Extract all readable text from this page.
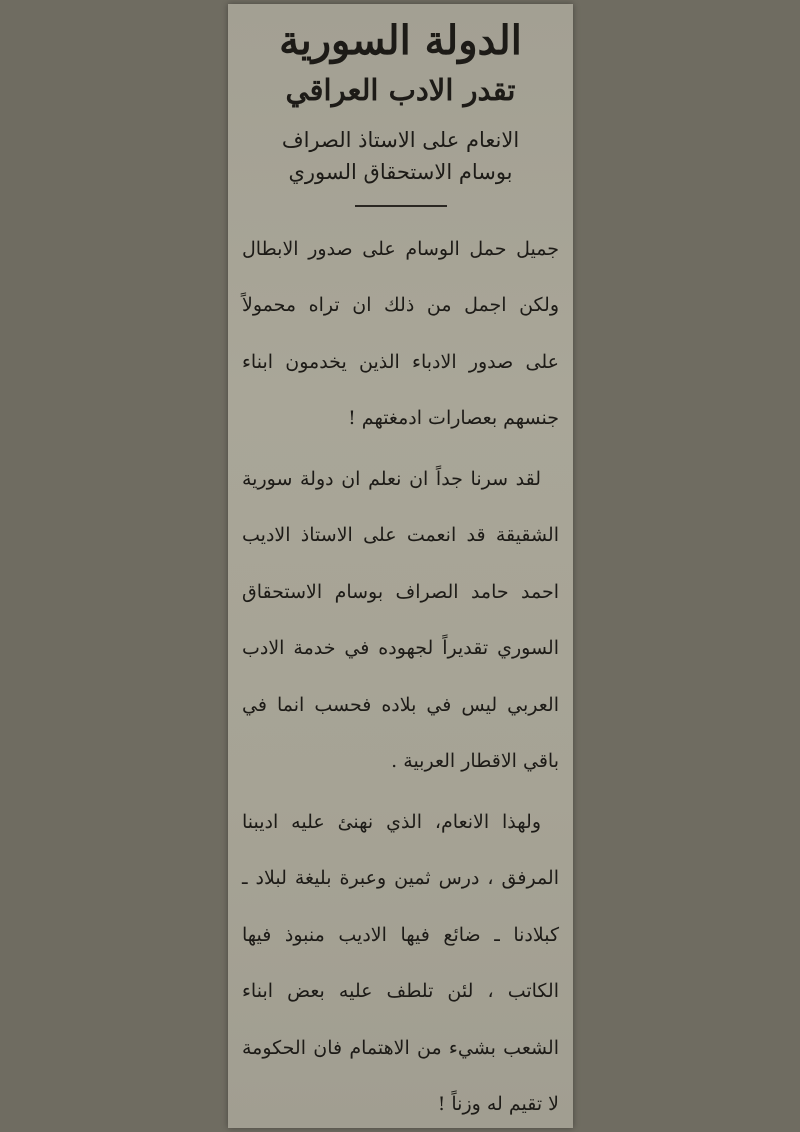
الدولة السورية
تقدر الادب العراقي

الانعام على الاستاذ الصراف

بوسام الاستحقاق السوري

جميل حمل الوسام على صدور الابطال ولكن اجمل من ذلك ان تراه محمولاً على صدور الادباء الذين يخدمون ابناء جنسهم بعصارات ادمغتهم !

لقد سرنا جداً ان نعلم ان دولة سورية الشقيقة قد انعمت على الاستاذ الاديب احمد حامد الصراف بوسام الاستحقاق السوري تقديراً لجهوده في خدمة الادب العربي ليس في بلاده فحسب انما في باقي الاقطار العربية .

ولهذا الانعام، الذي نهنئ عليه اديبنا المرفق ، درس ثمين وعبرة بليغة لبلاد ـ كبلادنا ـ ضائع فيها الاديب منبوذ فيها الكاتب ، لئن تلطف عليه بعض ابناء الشعب بشيء من الاهتمام فان الحكومة لا تقيم له وزناً !
